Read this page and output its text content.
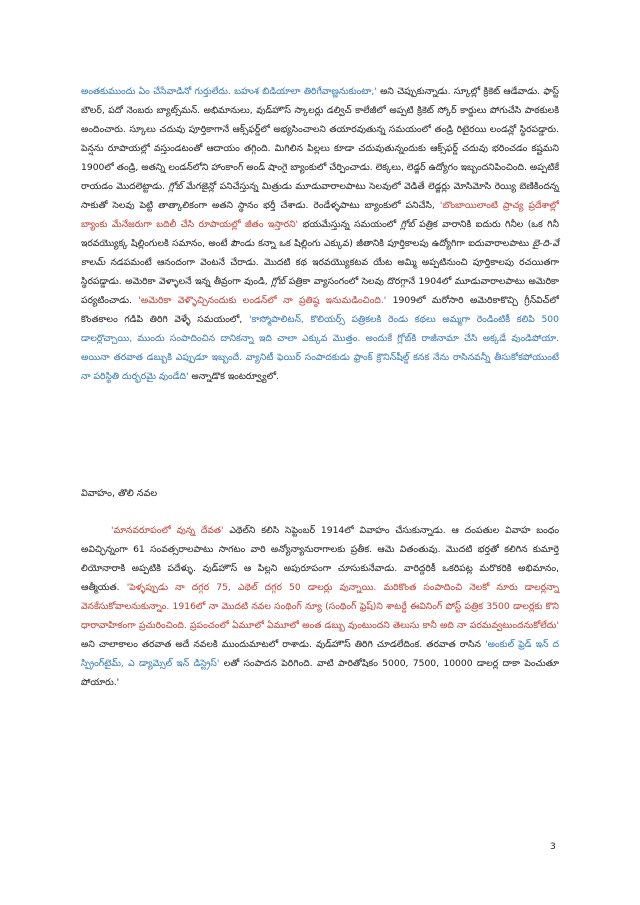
అంతకుముందు ఏం చేసేవాడినో గుర్తులేదు. బహుశ బిడియాలా తిరిగేవాణ్ణనుకుంటా,' అని చెప్పుకున్నాడు. స్కూల్లో క్రికెట్ ఆడేవాడు. ఫాస్ట్ బౌలర్, పదో నెంబరు బ్యాట్స్‌మన్. అభిమానులు, వుడ్‌హౌస్ స్కాలర్లు డల్విచ్ కాలేజీలో అప్పటి క్రికెట్ స్కోర్ కార్డులు పోగుచేసి పాఠకులకి అందించారు. స్కూలు చదువు పూర్తికాగానే ఆక్స్‌ఫర్డ్‌లో అభ్యసించాలని తయారవుతున్న సమయంలో తండ్రి రిటైరయి లండన్లో స్థిరపడ్డారు. పెన్షను రూపాయల్లో వస్తుండటంతో ఆదాయం తగ్గింది. మిగిలిన పిల్లలు కూడా చదువుతున్నందుకు ఆక్స్‌ఫర్డ్ చదువు భరించడం కష్టమని 1900లో తండ్రి, అతన్ని లండన్‌లోని హాంకాంగ్ అండ్ షాంగై బ్యాంకులో చేర్పించాడు. లెక్కలు, లెడ్జర్ ఉద్యోగం ఇబ్బందనిపించింది. అప్పటికే రాయడం మొదలెట్టాడు. గ్లోబ్ మేగజైన్లో పనిచేస్తున్న మిత్రుడు మూడువారాలపాటు సెలవులో వెడితే లెడ్జర్లు మోసిమోసి రెయ్యి బెణికిందన్న సాకుతో సెలవు పెట్టి తాత్కాలికంగా అతని స్థానం భర్తీ చేశాడు. రెండేళ్ళపాటు బ్యాంకులో పనిచేసి, 'బొంబాయిలాంటి ప్రాచ్య ప్రదేశాల్లో బ్యాంకు మేనేజరుగా బదిలీ చేసి రూపాయల్లో జీతం ఇస్తారని' భయమేస్తున్న సమయంలో గ్లోబ్ పత్రిక వారానికి ఐదురు గినీల (ఒక గినీ ఇరవయ్యొక్క షిల్లింగులకి సమానం, అంటే పౌండు కన్నా ఒక షిల్లింగు ఎక్కువ) జీతానికి పూర్తికాలపు ఉద్యోగిగా ఐదువారాలపాటు బై-ది-వే కాలమ్ నడపమంటే ఆనందంగా వెంటనే చేరాడు. మొదటి కథ ఇరవయ్యొకటవ యేట అమ్మి అప్పటినుంచి పూర్తికాలపు రచయితగా స్థిరపడ్డాడు. అమెరికా వెళ్ళాలనే ఇన్న తీవ్రంగా వుండి, గ్లోబ్ పత్రికా వ్యాసంగంలో సెలవు దొరగ్గానే 1904లో మూడువారాలపాటు అమెరికా పర్యటించాడు. 'అమెరికా వెళ్ళొచ్చినందుకు లండన్‌లో నా ప్రతిష్ఠ ఇనుమడించింది.' 1909లో మరోసారి అమెరికాకొచ్చి గ్రీన్‌విచ్‌లో కొంతకాలం గడిపి తిరిగి వెళ్ళే సమయంలో, 'కాస్మోపాలిటన్, కొలియర్స్ పత్రికలకి రెండు కథలు అమ్మగా రెండింటికీ కలిపి 500 డాలర్లొచ్చాయి, ముందు సంపాదించిన దానికన్నా ఇది చాలా ఎక్కువ మొత్తం. అందుకే గ్లోబ్‌కి రాజీనామా చేసి అక్కడే వుండిపోయా. అయినా తరవాత డబ్బుకి ఎప్పుడూ ఇబ్బందే. వ్యానిటీ ఫెయిర్ సంపాదకుడు ఫ్రాంక్ క్రౌనిన్‌షీల్డ్ కనక నేను రాసినవన్నీ తీసుకోకపోయుంటే నా పరిస్థితి దుర్భరమై వుండేది' అన్నాడొక ఇంటర్వ్యూలో.

వివాహం, తొలి నవల

'మానవరూపంలో వున్న దేవత' ఎథెల్‌ని కలిసి సెప్టెంబర్ 1914లో వివాహం చేసుకున్నాడు. ఆ దంపతుల వివాహ బంధం అవిచ్ఛిన్నంగా 61 సంవత్సరాలపాటు సాగటం వారి అన్యోన్యానురాగాలకు ప్రతీక. ఆమె వితంతువు. మొదటి భర్తతో కలిగిన కుమార్తె లియోనారాకి అప్పటికి పదేళ్ళు. వుడ్‌హౌస్ ఆ పిల్లని అపురూపంగా చూసుకునేవాడు. వారిద్దరికీ ఒకరిపట్ల మరొకరికి అభిమానం, ఆత్మీయత. 'పెళ్ళప్పుడు నా దగ్గర 75, ఎథెల్ దగ్గర 50 డాలర్లు వున్నాయి. మరికొంత సంపాదించి నెలకో నూరు డాలర్లన్నా వెనకేసుకోవాలనుకున్నాం. 1916లో నా మొదటి నవల సంథింగ్ న్యూ (సంథింగ్ ఫ్రెష్)ని శాటర్డే ఈవినింగ్ పోస్ట్ పత్రిక 3500 డాలర్లకు కొని ధారావాహికంగా ప్రచురించింది. ప్రపంచంలో ఏమూలో ఏమూలో అంత డబ్బు వుంటుందని తెలుసు కానీ అది నా పరమవ్వటుందనుకోలేదు' అని చాలాకాలం తరవాత అదే నవలకి ముందుమాటలో రాశాడు. వుడ్‌హౌస్ తిరిగి చూడలేదింక. తరవాత రాసిన 'అంకుల్ ఫ్రెడ్ ఇన్ ద స్ప్రింగ్‌టైమ్, ఎ డ్యామ్సెల్ ఇన్ డిస్ట్రెస్' లతో సంపాదన పెరిగింది. వాటి పారితోషికం 5000, 7500, 10000 డాలర్ల దాకా పెంచుతూ పోయారు.'

3
